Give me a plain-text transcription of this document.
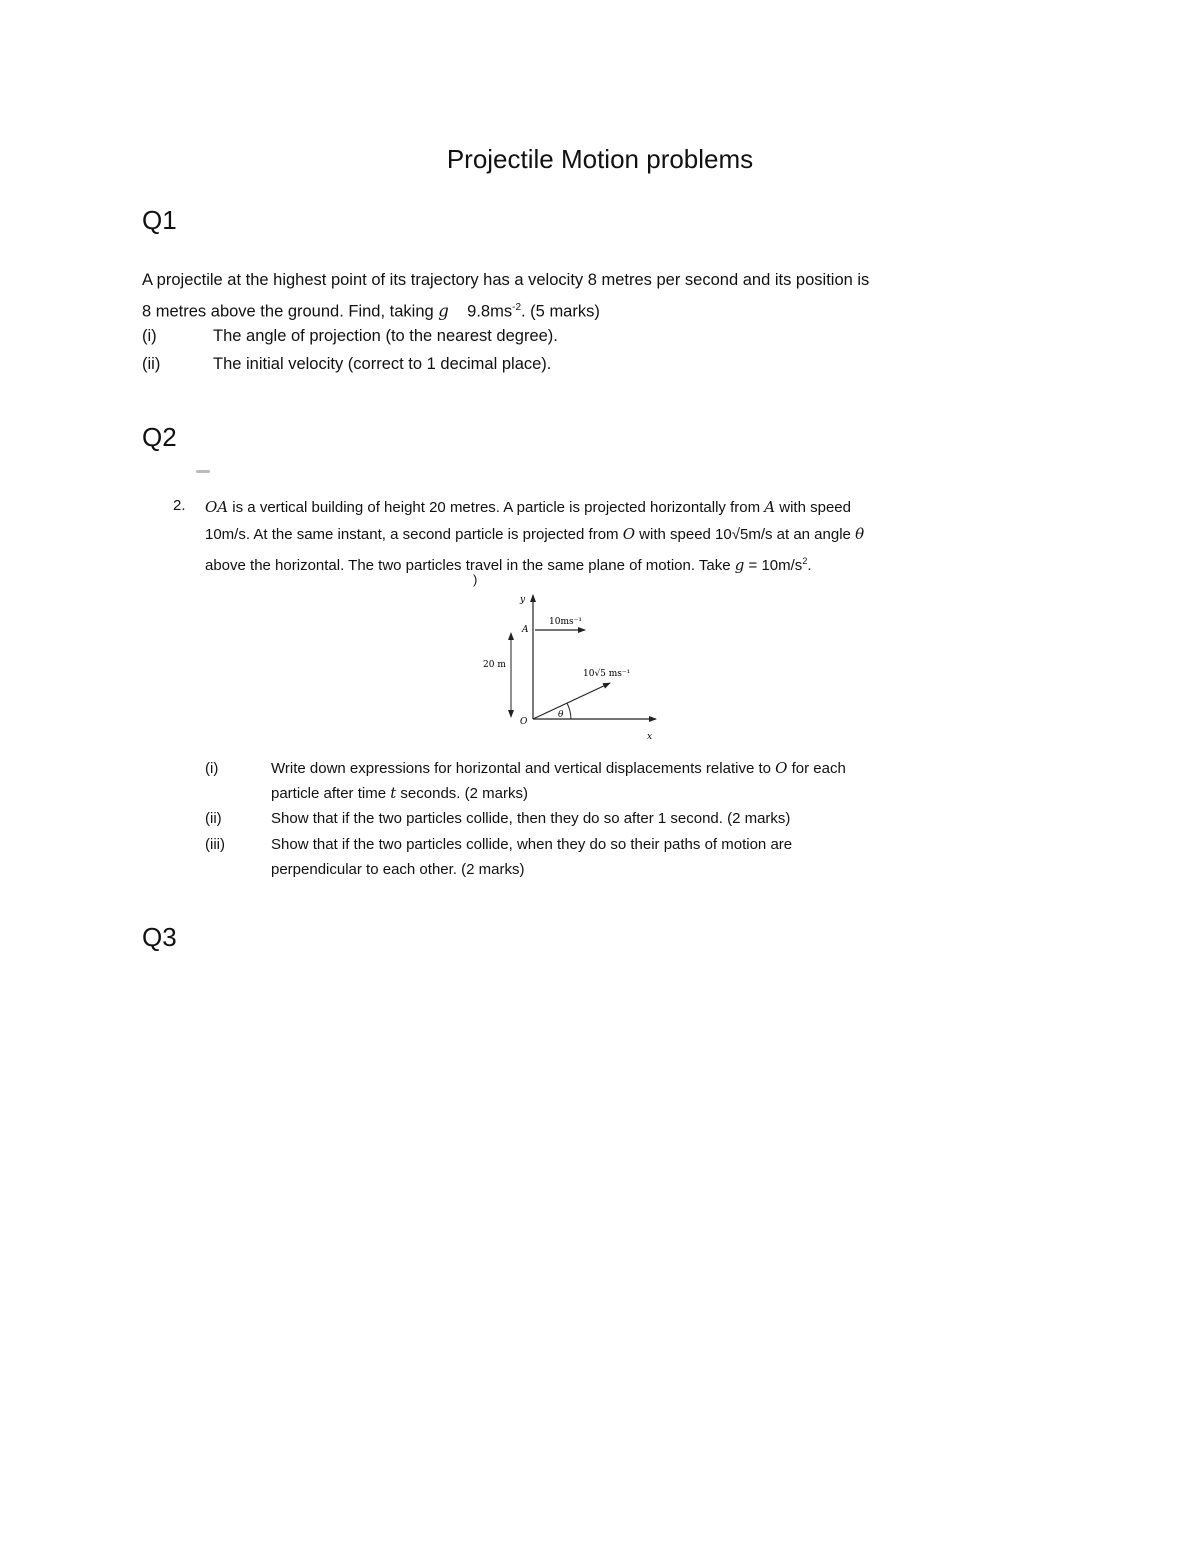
Projectile Motion problems
Q1
A projectile at the highest point of its trajectory has a velocity 8 metres per second and its position is
8 metres above the ground. Find, taking g    $9.8ms^{-2}$. (5 marks)
(i)	The angle of projection (to the nearest degree).
(ii)	The initial velocity (correct to 1 decimal place).
Q2
2. OA is a vertical building of height 20 metres. A particle is projected horizontally from A with speed
10m/s. At the same instant, a second particle is projected from O with speed 10√5m/s at an angle θ
above the horizontal. The two particles travel in the same plane of motion. Take $g = 10m/s^2$.
)
y
x
A
O
20 m
10ms⁻¹
10√5 ms⁻¹
θ
(i)	Write down expressions for horizontal and vertical displacements relative to O for each
particle after time t seconds. (2 marks)
(ii)	Show that if the two particles collide, then they do so after 1 second. (2 marks)
(iii)	Show that if the two particles collide, when they do so their paths of motion are
perpendicular to each other. (2 marks)
Q3
